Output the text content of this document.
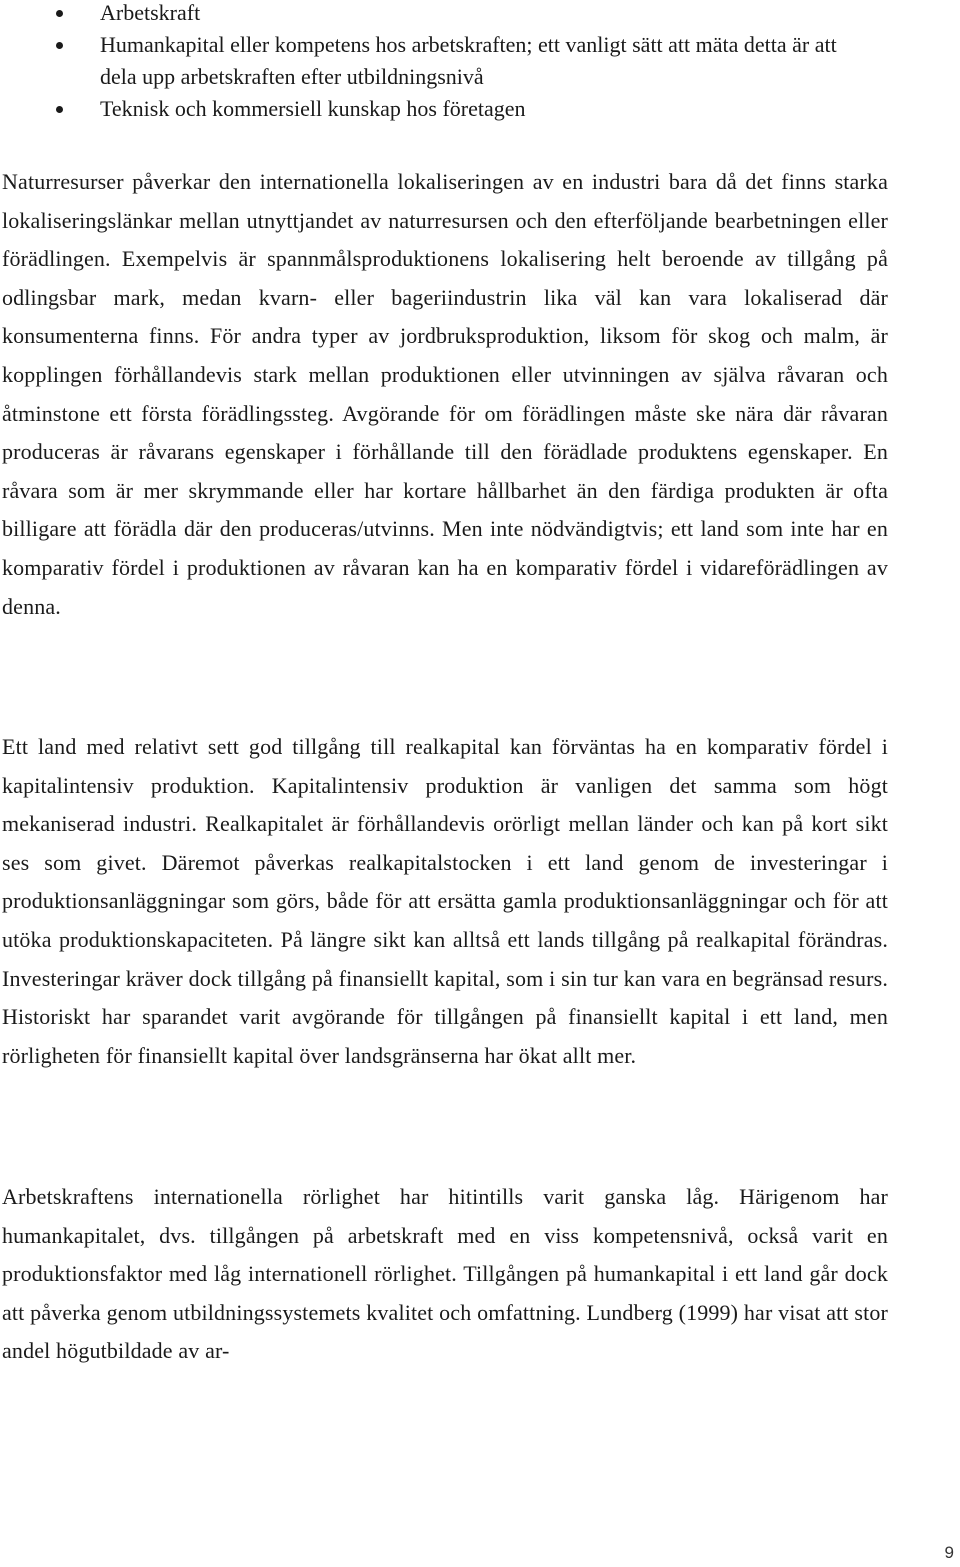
Arbetskraft
Humankapital eller kompetens hos arbetskraften; ett vanligt sätt att mäta detta är att dela upp arbetskraften efter utbildningsnivå
Teknisk och kommersiell kunskap hos företagen

Naturresurser påverkar den internationella lokaliseringen av en industri bara då det finns starka lokaliseringslänkar mellan utnyttjandet av naturresursen och den efterföljande bearbetningen eller förädlingen. Exempelvis är spannmålsproduktionens lokalisering helt beroende av tillgång på odlingsbar mark, medan kvarn- eller bageriindustrin lika väl kan vara lokaliserad där konsumenterna finns. För andra typer av jordbruksproduktion, liksom för skog och malm, är kopplingen förhållandevis stark mellan produktionen eller utvinningen av själva råvaran och åtminstone ett första förädlingssteg. Avgörande för om förädlingen måste ske nära där råvaran produceras är råvarans egenskaper i förhållande till den förädlade produktens egenskaper. En råvara som är mer skrymmande eller har kortare hållbarhet än den färdiga produkten är ofta billigare att förädla där den produceras/utvinns. Men inte nödvändigtvis; ett land som inte har en komparativ fördel i produktionen av råvaran kan ha en komparativ fördel i vidareförädlingen av denna.

Ett land med relativt sett god tillgång till realkapital kan förväntas ha en komparativ fördel i kapitalintensiv produktion. Kapitalintensiv produktion är vanligen det samma som högt mekaniserad industri. Realkapitalet är förhållandevis orörligt mellan länder och kan på kort sikt ses som givet. Däremot påverkas realkapitalstocken i ett land genom de investeringar i produktionsanläggningar som görs, både för att ersätta gamla produktionsanläggningar och för att utöka produktionskapaciteten. På längre sikt kan alltså ett lands tillgång på realkapital förändras. Investeringar kräver dock tillgång på finansiellt kapital, som i sin tur kan vara en begränsad resurs. Historiskt har sparandet varit avgörande för tillgången på finansiellt kapital i ett land, men rörligheten för finansiellt kapital över landsgränserna har ökat allt mer.

Arbetskraftens internationella rörlighet har hitintills varit ganska låg. Härigenom har humankapitalet, dvs. tillgången på arbetskraft med en viss kompetensnivå, också varit en produktionsfaktor med låg internationell rörlighet. Tillgången på humankapital i ett land går dock att påverka genom utbildningssystemets kvalitet och omfattning. Lundberg (1999) har visat att stor andel högutbildade av ar-

9
